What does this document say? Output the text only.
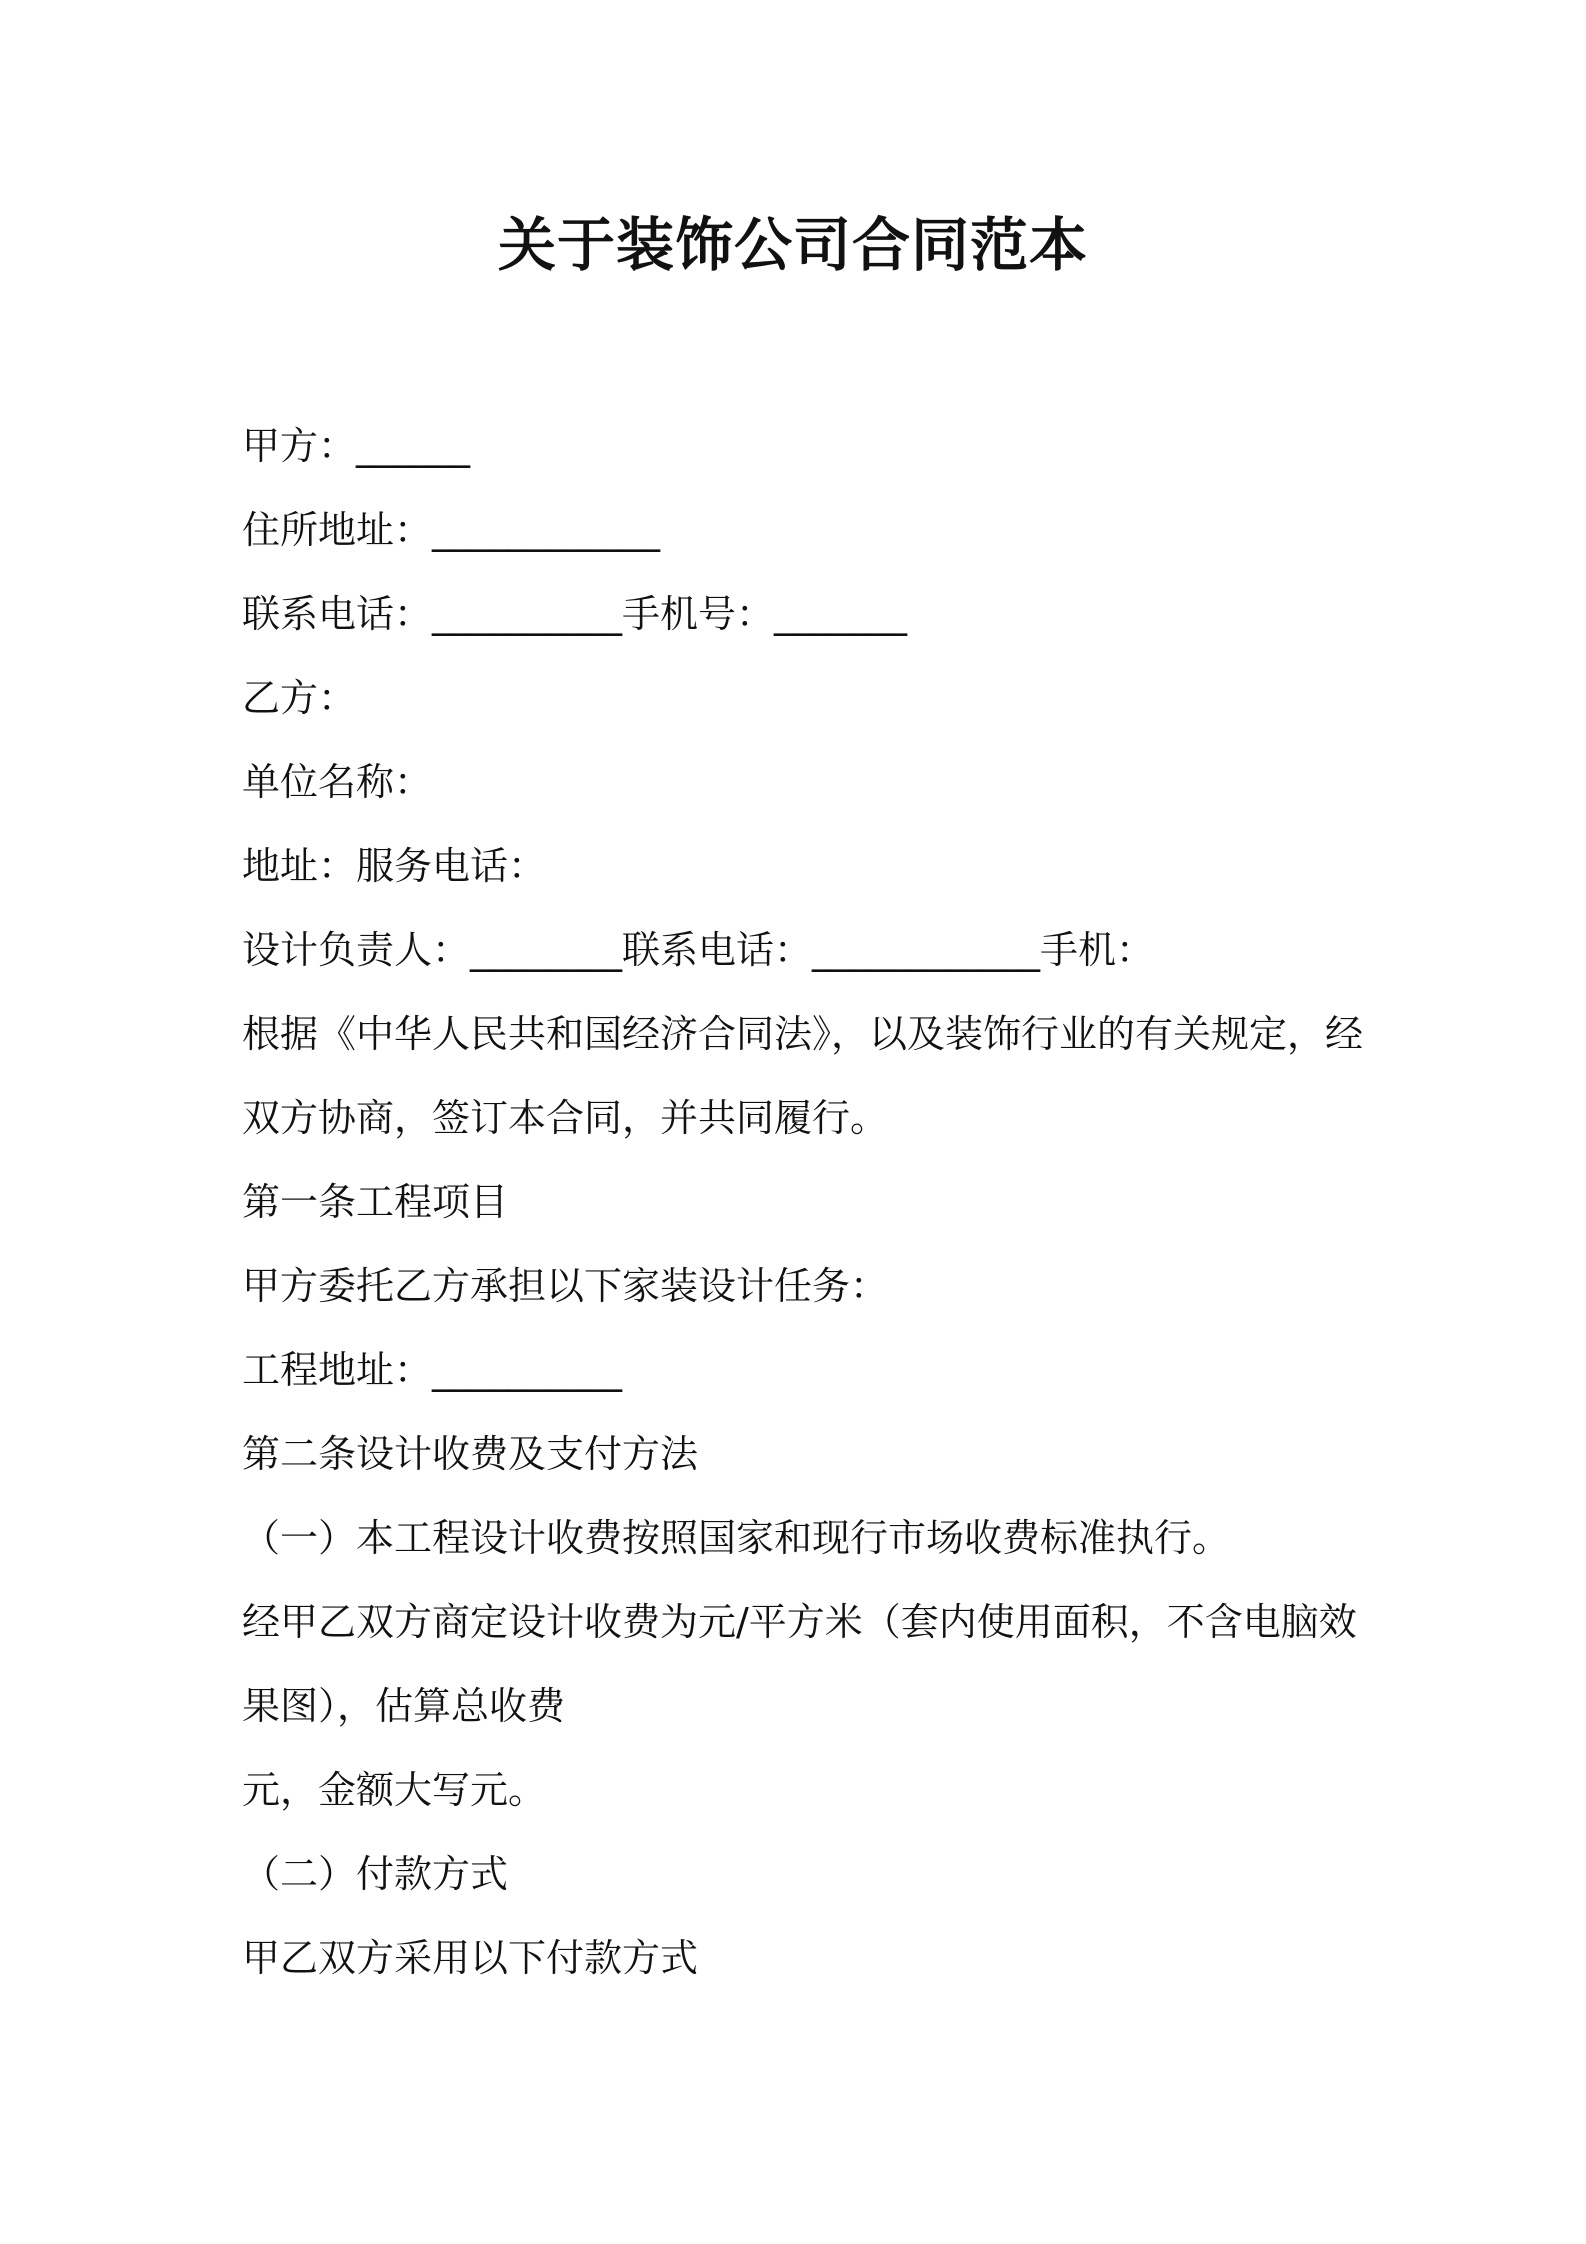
关于装饰公司合同范本

甲方：______

住所地址：____________

联系电话：__________手机号：_______

乙方：

单位名称：

地址：服务电话：

设计负责人：________联系电话：____________手机：

根据《中华人民共和国经济合同法》，以及装饰行业的有关规定，经

双方协商，签订本合同，并共同履行。

第一条工程项目

甲方委托乙方承担以下家装设计任务：

工程地址：__________

第二条设计收费及支付方法

（一）本工程设计收费按照国家和现行市场收费标准执行。

经甲乙双方商定设计收费为元/平方米（套内使用面积，不含电脑效

果图），估算总收费

元，金额大写元。

（二）付款方式

甲乙双方采用以下付款方式
